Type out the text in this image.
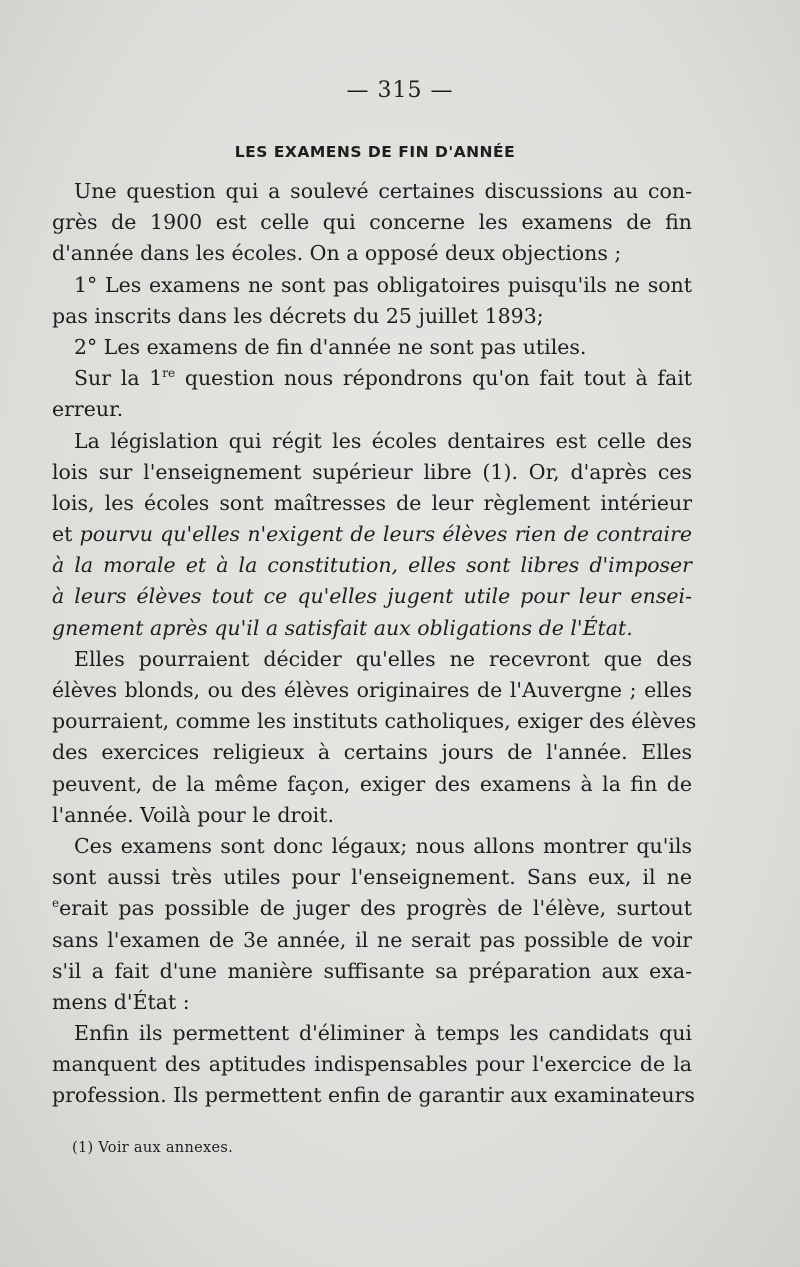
— 315 —
LES EXAMENS DE FIN D'ANNÉE
Une question qui a soulevé certaines discussions au con-
grès de 1900 est celle qui concerne les examens de fin
d'année dans les écoles. On a opposé deux objections ;
1° Les examens ne sont pas obligatoires puisqu'ils ne sont
pas inscrits dans les décrets du 25 juillet 1893;
2° Les examens de fin d'année ne sont pas utiles.
Sur la 1re question nous répondrons qu'on fait tout à fait
erreur.
La législation qui régit les écoles dentaires est celle des
lois sur l'enseignement supérieur libre (1). Or, d'après ces
lois, les écoles sont maîtresses de leur règlement intérieur
et pourvu qu'elles n'exigent de leurs élèves rien de contraire
à la morale et à la constitution, elles sont libres d'imposer
à leurs élèves tout ce qu'elles jugent utile pour leur ensei-
gnement après qu'il a satisfait aux obligations de l'État.
Elles pourraient décider qu'elles ne recevront que des
élèves blonds, ou des élèves originaires de l'Auvergne ; elles
pourraient, comme les instituts catholiques, exiger des élèves
des exercices religieux à certains jours de l'année. Elles
peuvent, de la même façon, exiger des examens à la fin de
l'année. Voilà pour le droit.
Ces examens sont donc légaux; nous allons montrer qu'ils
sont aussi très utiles pour l'enseignement. Sans eux, il ne
$^e$erait pas possible de juger des progrès de l'élève, surtout
sans l'examen de 3e année, il ne serait pas possible de voir
s'il a fait d'une manière suffisante sa préparation aux exa-
mens d'État :
Enfin ils permettent d'éliminer à temps les candidats qui
manquent des aptitudes indispensables pour l'exercice de la
profession. Ils permettent enfin de garantir aux examinateurs
(1) Voir aux annexes.
